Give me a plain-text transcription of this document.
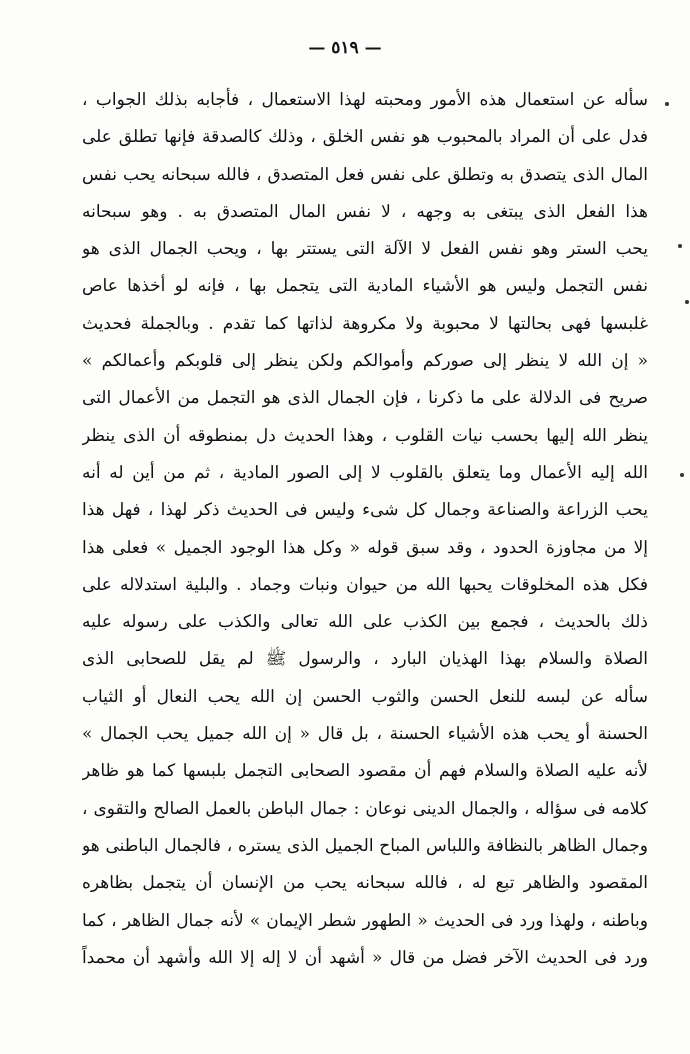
— ٥١٩ —
سأله عن استعمال هذه الأمور ومحبته لهذا الاستعمال ، فأجابه بذلك الجواب ،
فدل على أن المراد بالمحبوب هو نفس الخلق ، وذلك كالصدقة فإنها تطلق على
المال الذى يتصدق به وتطلق على نفس فعل المتصدق ، فالله سبحانه يحب نفس
هذا الفعل الذى يبتغى به وجهه ، لا نفس المال المتصدق به . وهو سبحانه
يحب الستر وهو نفس الفعل لا الآلة التى يستتر بها ، ويحب الجمال الذى هو
نفس التجمل وليس هو الأشياء المادية التى يتجمل بها ، فإنه لو أخذها عاص
غلبسها فهى بحالتها لا محبوبة ولا مكروهة لذاتها كما تقدم . وبالجملة فحديث
« إن الله لا ينظر إلى صوركم وأموالكم ولكن ينظر إلى قلوبكم وأعمالكم »
صريح فى الدلالة على ما ذكرنا ، فإن الجمال الذى هو التجمل من الأعمال التى
ينظر الله إليها بحسب نيات القلوب ، وهذا الحديث دل بمنطوقه أن الذى ينظر
الله إليه الأعمال وما يتعلق بالقلوب لا إلى الصور المادية ، ثم من أين له أنه
يحب الزراعة والصناعة وجمال كل شىء وليس فى الحديث ذكر لهذا ، فهل هذا
إلا من مجاوزة الحدود ، وقد سبق قوله « وكل هذا الوجود الجميل » فعلى هذا
فكل هذه المخلوقات يحبها الله من حيوان ونبات وجماد . والبلية استدلاله على
ذلك بالحديث ، فجمع بين الكذب على الله تعالى والكذب على رسوله عليه
الصلاة والسلام بهذا الهذيان البارد ، والرسول ﷺ لم يقل للصحابى الذى
سأله عن لبسه للنعل الحسن والثوب الحسن إن الله يحب النعال أو الثياب
الحسنة أو يحب هذه الأشياء الحسنة ، بل قال « إن الله جميل يحب الجمال »
لأنه عليه الصلاة والسلام فهم أن مقصود الصحابى التجمل بلبسها كما هو ظاهر
كلامه فى سؤاله ، والجمال الدينى نوعان : جمال الباطن بالعمل الصالح والتقوى ،
وجمال الظاهر بالنظافة واللباس المباح الجميل الذى يستره ، فالجمال الباطنى هو
المقصود والظاهر تبع له ، فالله سبحانه يحب من الإنسان أن يتجمل بظاهره
وباطنه ، ولهذا ورد فى الحديث « الطهور شطر الإيمان » لأنه جمال الظاهر ، كما
ورد فى الحديث الآخر فضل من قال « أشهد أن لا إله إلا الله وأشهد أن محمداً
